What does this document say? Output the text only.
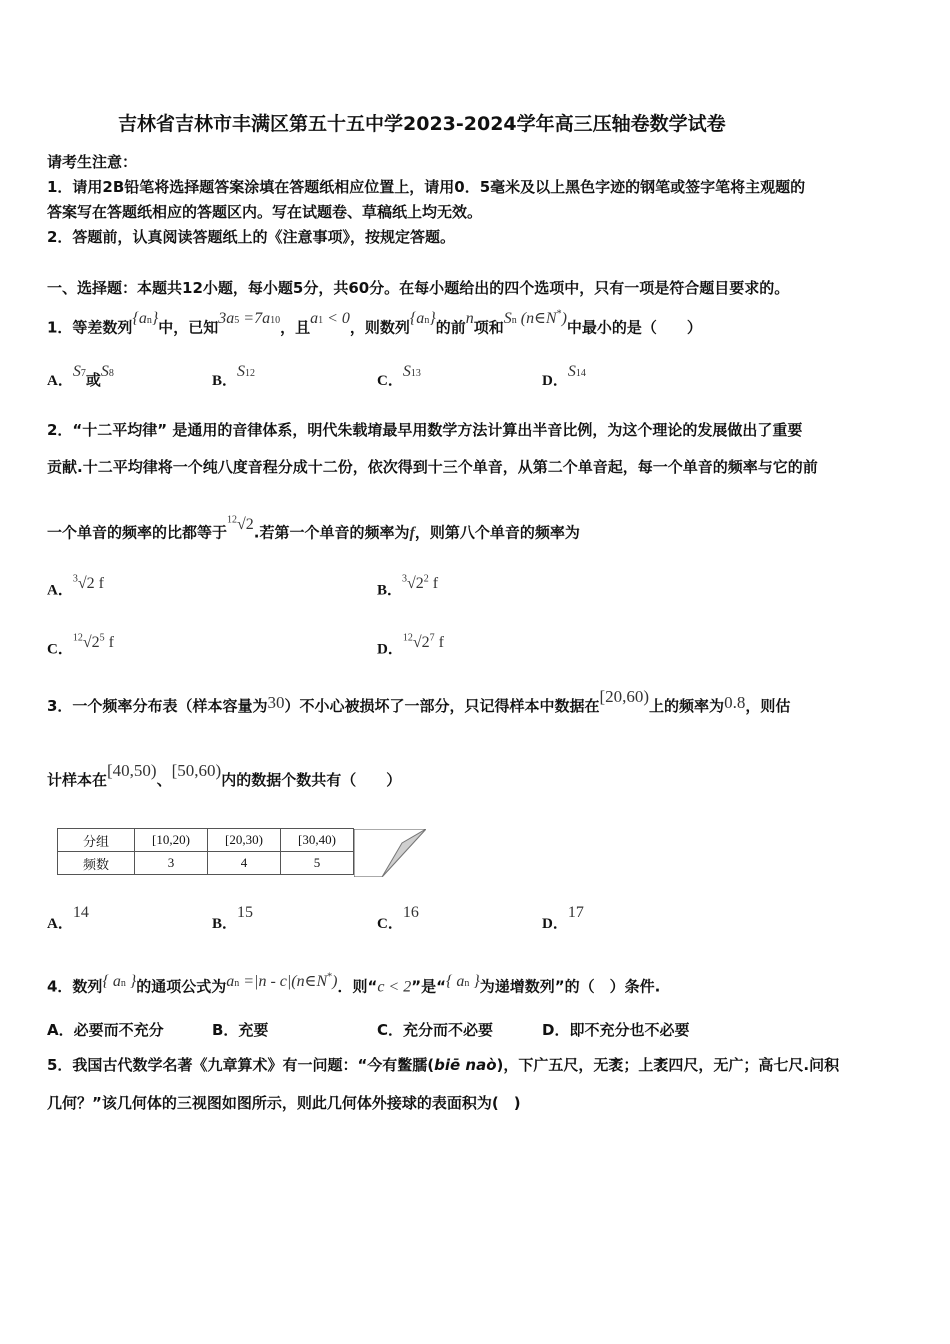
吉林省吉林市丰满区第五十五中学2023-2024学年高三压轴卷数学试卷
请考生注意：
1．请用2B铅笔将选择题答案涂填在答题纸相应位置上，请用0．5毫米及以上黑色字迹的钢笔或签字笔将主观题的
答案写在答题纸相应的答题区内。写在试题卷、草稿纸上均无效。
2．答题前，认真阅读答题纸上的《注意事项》，按规定答题。
一、选择题：本题共12小题，每小题5分，共60分。在每小题给出的四个选项中，只有一项是符合题目要求的。
1．等差数列{an}中，已知3a5 =7a10，且a1 < 0，则数列{an}的前n项和Sn (n∈N*)中最小的是（　　）
A．S7或S8	B．S12	C．S13	D．S14
2．“十二平均律” 是通用的音律体系，明代朱载堉最早用数学方法计算出半音比例，为这个理论的发展做出了重要
贡献.十二平均律将一个纯八度音程分成十二份，依次得到十三个单音，从第二个单音起，每一个单音的频率与它的前
一个单音的频率的比都等于$^{12}$√2.若第一个单音的频率为f，则第八个单音的频率为
A．$^3$√2 f	B．$^3√2^2$ f
C．$^{12}√2^5$ f	D．$^{12}√2^7$ f
3．一个频率分布表（样本容量为30）不小心被损坏了一部分，只记得样本中数据在[20,60)上的频率为0.8，则估
计样本在[40,50)、[50,60)内的数据个数共有（　　）
分组	[10,20)	[20,30)	[30,40)	

频数	3	4	5	
A．14
B．15
C．16
D．17
4．数列{ an }的通项公式为an =|n - c|(n∈N*)．则“c < 2”是“{ an }为递增数列”的（　）条件.
A．必要而不充分	B．充要	C．充分而不必要	D．即不充分也不必要
5．我国古代数学名著《九章算术》有一问题：“今有鳖臑(biē naò)，下广五尺，无袤；上袤四尺，无广；高七尺.问积
几何？”该几何体的三视图如图所示，则此几何体外接球的表面积为(　)
